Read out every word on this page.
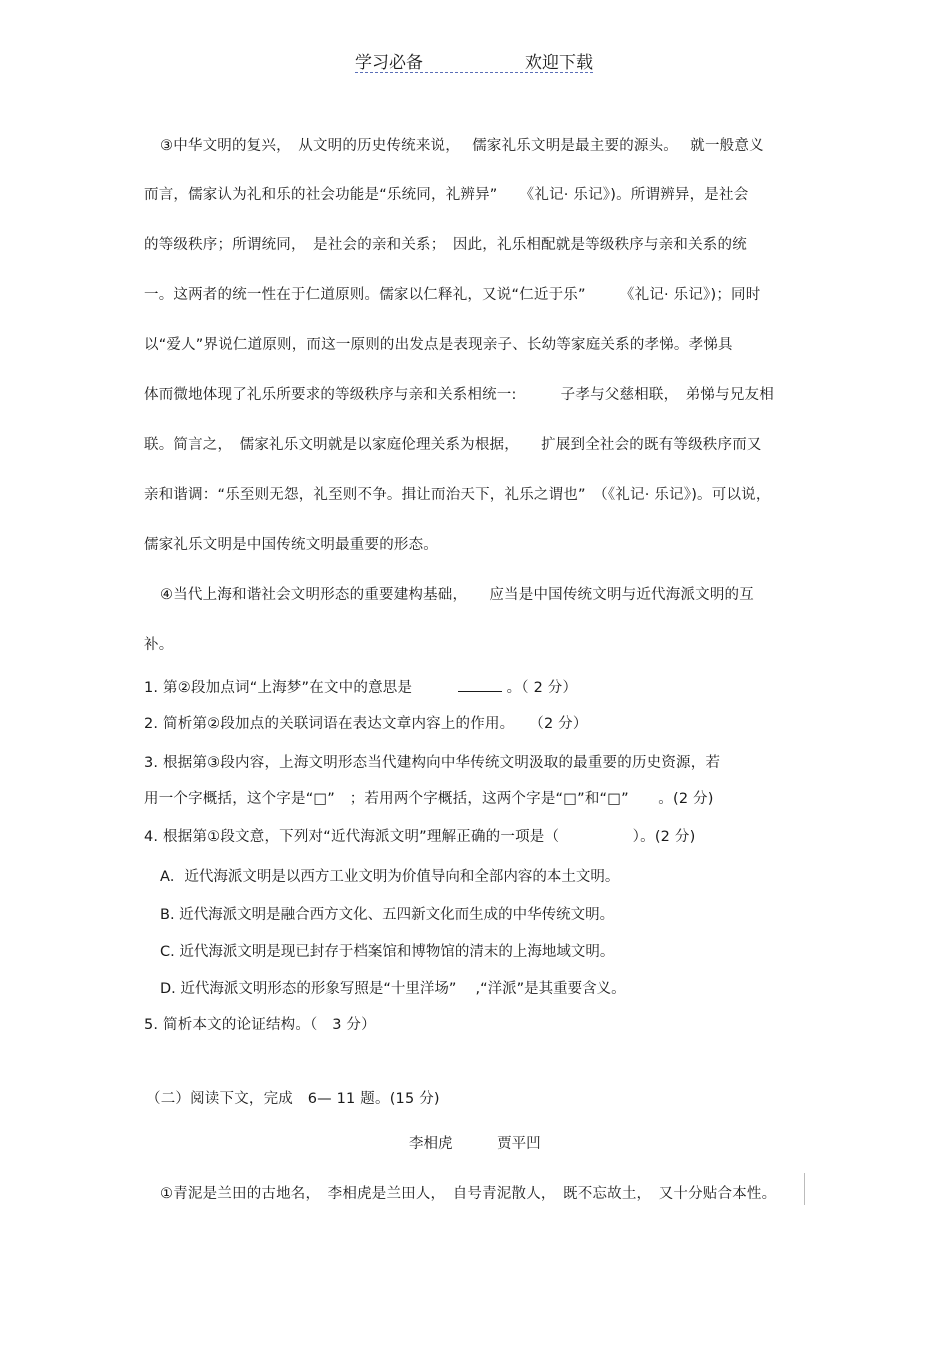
学习必备	欢迎下载
③中华文明的复兴，　从文明的历史传统来说，　 儒家礼乐文明是最主要的源头。　 就一般意义
而言，儒家认为礼和乐的社会功能是“乐统同，礼辨异”　　《礼记· 乐记》)。所谓辨异，是社会
的等级秩序；所谓统同，　是社会的亲和关系；　因此，礼乐相配就是等级秩序与亲和关系的统
一。这两者的统一性在于仁道原则。儒家以仁释礼，又说“仁近于乐”　　 《礼记· 乐记》)；同时
以“爱人”界说仁道原则，而这一原则的出发点是表现亲子、长幼等家庭关系的孝悌。孝悌具
体而微地体现了礼乐所要求的等级秩序与亲和关系相统一:　　　子孝与父慈相联，　弟悌与兄友相
联。简言之，　儒家礼乐文明就是以家庭伦理关系为根据，　　扩展到全社会的既有等级秩序而又
亲和谐调：“乐至则无怨，礼至则不争。揖让而治天下，礼乐之谓也”　（《礼记· 乐记》)。可以说，
儒家礼乐文明是中国传统文明最重要的形态。
④当代上海和谐社会文明形态的重要建构基础，　　应当是中国传统文明与近代海派文明的互
补。
1. 第②段加点词“上海梦”在文中的意思是	。（ 2 分）
2. 简析第②段加点的关联词语在表达文章内容上的作用。　　（2 分）
3. 根据第③段内容，上海文明形态当代建构向中华传统文明汲取的最重要的历史资源，若
用一个字概括，这个字是“□”　；若用两个字概括，这两个字是“□”和“□”　　。(2 分)
4. 根据第①段文意，下列对“近代海派文明”理解正确的一项是（　　　　　）。(2 分)
A．近代海派文明是以西方工业文明为价值导向和全部内容的本土文明。
B. 近代海派文明是融合西方文化、五四新文化而生成的中华传统文明。
C. 近代海派文明是现已封存于档案馆和博物馆的清末的上海地域文明。
D. 近代海派文明形态的形象写照是“十里洋场”　 ,“洋派”是其重要含义。
5. 简析本文的论证结构。（　3 分）
（二）阅读下文，完成　6— 11 题。(15 分)
李相虎	贾平凹
①青泥是兰田的古地名，　李相虎是兰田人，　自号青泥散人，　既不忘故土，　又十分贴合本性。
